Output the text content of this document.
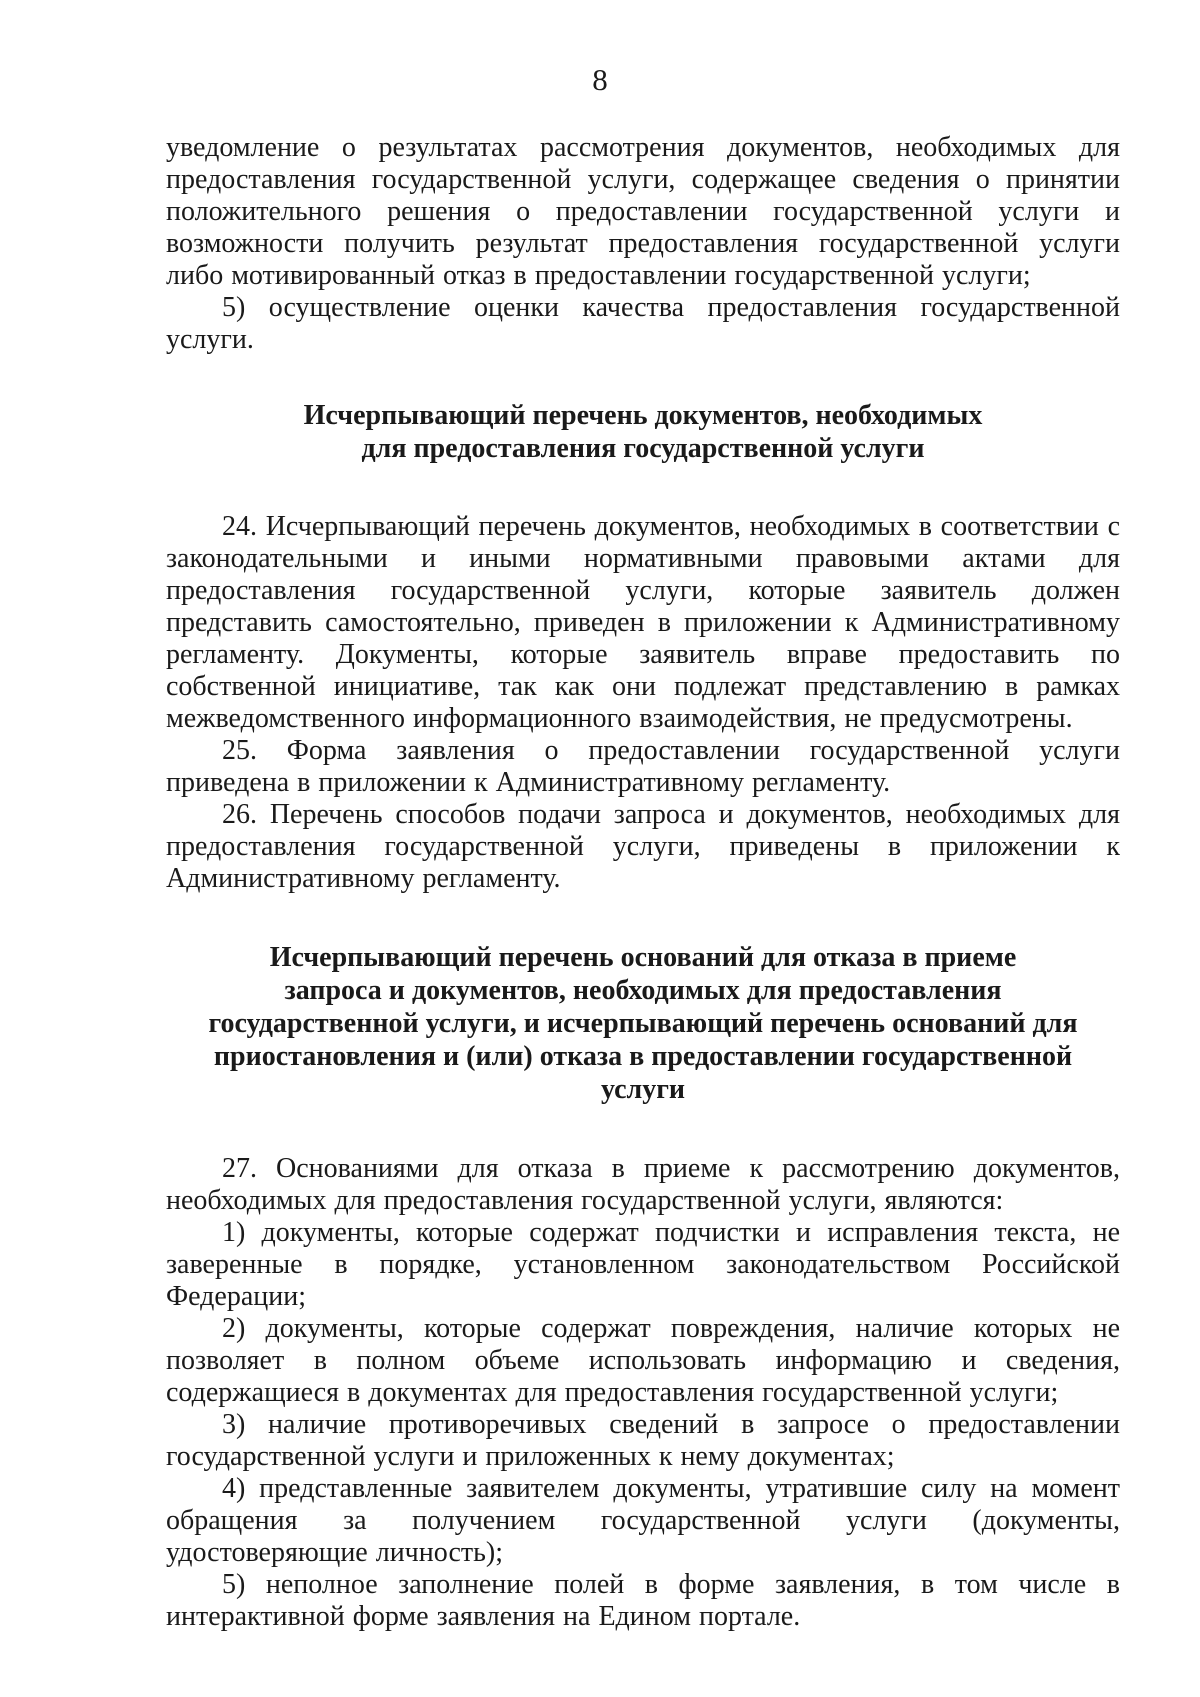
8

уведомление о результатах рассмотрения документов, необходимых для предоставления государственной услуги, содержащее сведения о принятии положительного решения о предоставлении государственной услуги и возможности получить результат предоставления государственной услуги либо мотивированный отказ в предоставлении государственной услуги;

5) осуществление оценки качества предоставления государственной услуги.

Исчерпывающий перечень документов, необходимых
для предоставления государственной услуги

24. Исчерпывающий перечень документов, необходимых в соответствии с законодательными и иными нормативными правовыми актами для предоставления государственной услуги, которые заявитель должен представить самостоятельно, приведен в приложении к Административному регламенту. Документы, которые заявитель вправе предоставить по собственной инициативе, так как они подлежат представлению в рамках межведомственного информационного взаимодействия, не предусмотрены.

25. Форма заявления о предоставлении государственной услуги приведена в приложении к Административному регламенту.

26. Перечень способов подачи запроса и документов, необходимых для предоставления государственной услуги, приведены в приложении к Административному регламенту.

Исчерпывающий перечень оснований для отказа в приеме
запроса и документов, необходимых для предоставления
государственной услуги, и исчерпывающий перечень оснований для
приостановления и (или) отказа в предоставлении государственной
услуги

27. Основаниями для отказа в приеме к рассмотрению документов, необходимых для предоставления государственной услуги, являются:

1) документы, которые содержат подчистки и исправления текста, не заверенные в порядке, установленном законодательством Российской Федерации;

2) документы, которые содержат повреждения, наличие которых не позволяет в полном объеме использовать информацию и сведения, содержащиеся в документах для предоставления государственной услуги;

3) наличие противоречивых сведений в запросе о предоставлении государственной услуги и приложенных к нему документах;

4) представленные заявителем документы, утратившие силу на момент обращения за получением государственной услуги (документы, удостоверяющие личность);

5) неполное заполнение полей в форме заявления, в том числе в интерактивной форме заявления на Едином портале.
